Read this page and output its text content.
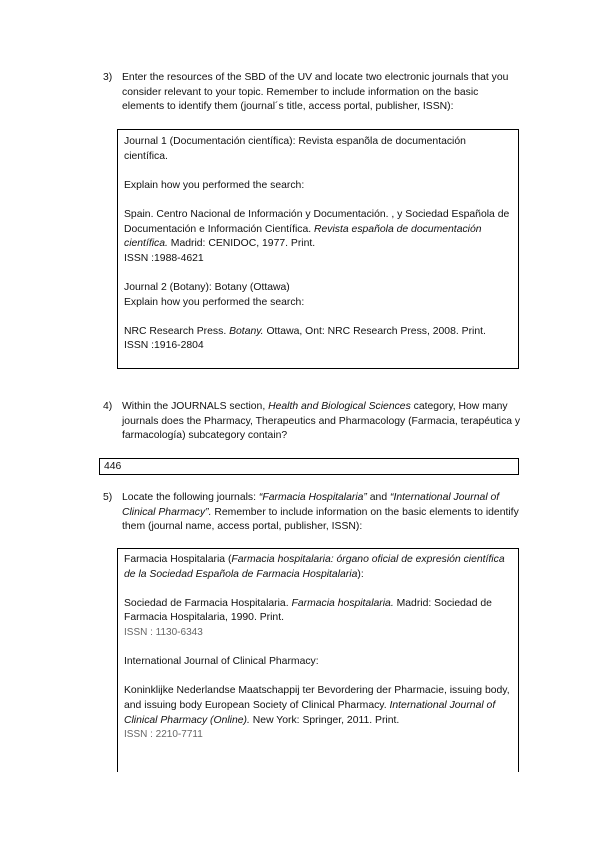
3) Enter the resources of the SBD of the UV and locate two electronic journals that you consider relevant to your topic. Remember to include information on the basic elements to identify them (journal´s title, access portal, publisher, ISSN):

Journal 1 (Documentación científica): Revista espanõla de documentación científica.

Explain how you performed the search:

Spain. Centro Nacional de Información y Documentación. , y Sociedad Española de Documentación e Información Científica. Revista española de documentación científica. Madrid: CENIDOC, 1977. Print.

ISSN :1988-4621

Journal 2 (Botany): Botany (Ottawa)

Explain how you performed the search:

NRC Research Press. Botany. Ottawa, Ont: NRC Research Press, 2008. Print.

ISSN :1916-2804

4) Within the JOURNALS section, Health and Biological Sciences category, How many journals does the Pharmacy, Therapeutics and Pharmacology (Farmacia, terapéutica y farmacología) subcategory contain?
446
5) Locate the following journals: “Farmacia Hospitalaria” and “International Journal of Clinical Pharmacy”. Remember to include information on the basic elements to identify them (journal name, access portal, publisher, ISSN):

Farmacia Hospitalaria (Farmacia hospitalaria: órgano oficial de expresión científica de la Sociedad Española de Farmacia Hospitalaria):

Sociedad de Farmacia Hospitalaria. Farmacia hospitalaria. Madrid: Sociedad de Farmacia Hospitalaria, 1990. Print.

ISSN : 1130-6343

International Journal of Clinical Pharmacy:

Koninklijke Nederlandse Maatschappij ter Bevordering der Pharmacie, issuing body, and issuing body European Society of Clinical Pharmacy. International Journal of Clinical Pharmacy (Online). New York: Springer, 2011. Print.

ISSN : 2210-7711
